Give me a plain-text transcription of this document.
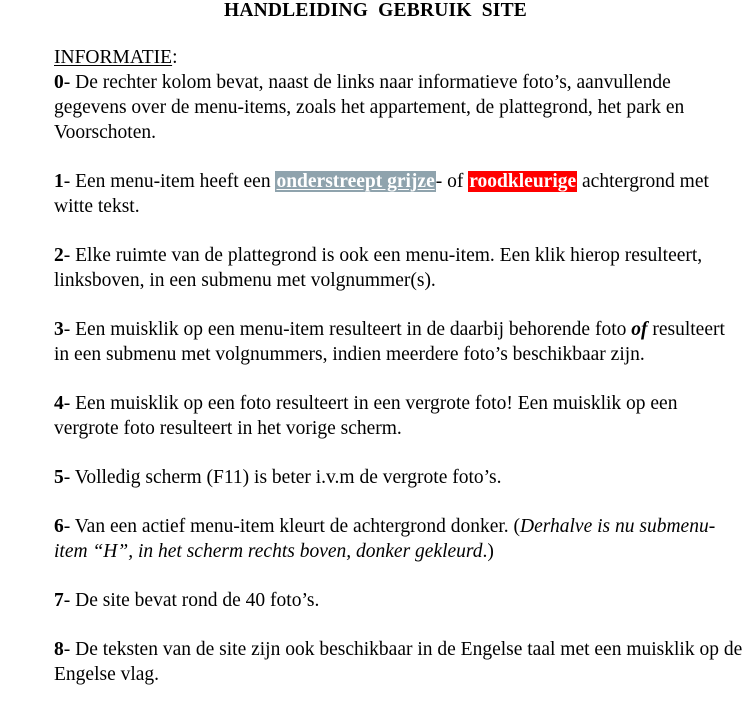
HANDLEIDING GEBRUIK SITE
INFORMATIE:

0- De rechter kolom bevat, naast de links naar informatieve foto’s, aanvullende gegevens over de menu-items, zoals het appartement, de plattegrond, het park en Voorschoten.

1- Een menu-item heeft een onderstreept grijze- of roodkleurige achtergrond met witte tekst.

2- Elke ruimte van de plattegrond is ook een menu-item. Een klik hierop resulteert, linksboven, in een submenu met volgnummer(s).

3- Een muisklik op een menu-item resulteert in de daarbij behorende foto of resulteert in een submenu met volgnummers, indien meerdere foto’s beschikbaar zijn.

4- Een muisklik op een foto resulteert in een vergrote foto! Een muisklik op een vergrote foto resulteert in het vorige scherm.

5- Volledig scherm (F11) is beter i.v.m de vergrote foto’s.

6- Van een actief menu-item kleurt de achtergrond donker. (Derhalve is nu submenu-item “H”, in het scherm rechts boven, donker gekleurd.)

7- De site bevat rond de 40 foto’s.

8- De teksten van de site zijn ook beschikbaar in de Engelse taal met een muisklik op de Engelse vlag.
